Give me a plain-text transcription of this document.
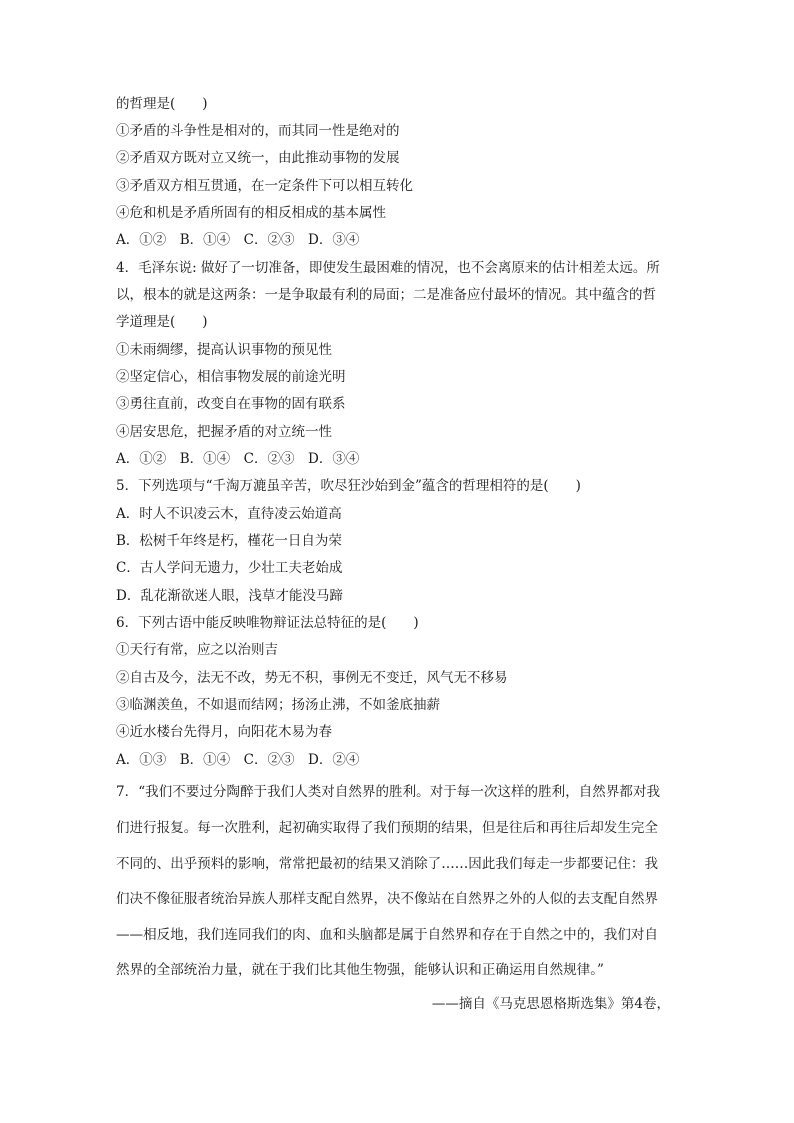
的哲理是(　　)
①矛盾的斗争性是相对的，而其同一性是绝对的
②矛盾双方既对立又统一，由此推动事物的发展
③矛盾双方相互贯通，在一定条件下可以相互转化
④危和机是矛盾所固有的相反相成的基本属性
A．①②　B．①④　C．②③　D．③④
4．毛泽东说: 做好了一切准备，即使发生最困难的情况，也不会离原来的估计相差太远。所
以，根本的就是这两条：一是争取最有利的局面；二是准备应付最坏的情况。其中蕴含的哲
学道理是(　　)
①未雨绸缪，提高认识事物的预见性
②坚定信心，相信事物发展的前途光明
③勇往直前，改变自在事物的固有联系
④居安思危，把握矛盾的对立统一性
A．①②　B．①④　C．②③　D．③④
5．下列选项与“千淘万漉虽辛苦，吹尽狂沙始到金”蕴含的哲理相符的是(　　)
A．时人不识凌云木，直待凌云始道高
B．松树千年终是朽，槿花一日自为荣
C．古人学问无遗力，少壮工夫老始成
D．乱花渐欲迷人眼，浅草才能没马蹄
6．下列古语中能反映唯物辩证法总特征的是(　　)
①天行有常，应之以治则吉
②自古及今，法无不改，势无不积，事例无不变迁，风气无不移易
③临渊羡鱼，不如退而结网；扬汤止沸，不如釜底抽薪
④近水楼台先得月，向阳花木易为春
A．①③　B．①④　C．②③　D．②④
7．“我们不要过分陶醉于我们人类对自然界的胜利。对于每一次这样的胜利，自然界都对我
们进行报复。每一次胜利，起初确实取得了我们预期的结果，但是往后和再往后却发生完全
不同的、出乎预料的影响，常常把最初的结果又消除了……因此我们每走一步都要记住：我
们决不像征服者统治异族人那样支配自然界，决不像站在自然界之外的人似的去支配自然界
——相反地，我们连同我们的肉、血和头脑都是属于自然界和存在于自然之中的，我们对自
然界的全部统治力量，就在于我们比其他生物强，能够认识和正确运用自然规律。”
——摘自《马克思恩格斯选集》第4卷，
